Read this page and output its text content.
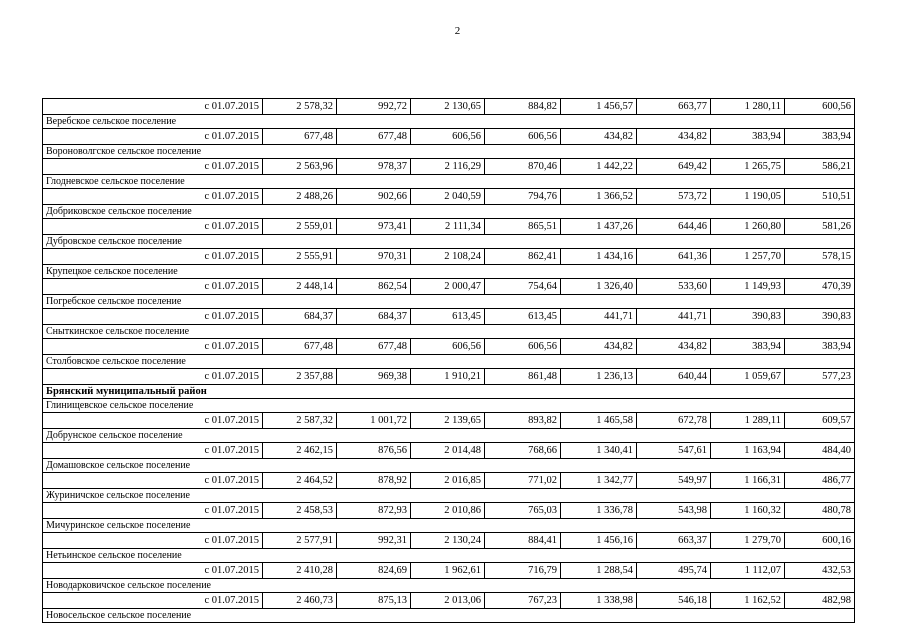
2
с 01.07.2015	2 578,32	992,72	2 130,65	884,82	1 456,57	663,77	1 280,11	600,56
Веребское сельское поселение								
с 01.07.2015	677,48	677,48	606,56	606,56	434,82	434,82	383,94	383,94
Вороноволгское сельское поселение								
с 01.07.2015	2 563,96	978,37	2 116,29	870,46	1 442,22	649,42	1 265,75	586,21
Глодневское сельское поселение								
с 01.07.2015	2 488,26	902,66	2 040,59	794,76	1 366,52	573,72	1 190,05	510,51
Добриковское сельское поселение								
с 01.07.2015	2 559,01	973,41	2 111,34	865,51	1 437,26	644,46	1 260,80	581,26
Дубровское сельское поселение								
с 01.07.2015	2 555,91	970,31	2 108,24	862,41	1 434,16	641,36	1 257,70	578,15
Крупецкое сельское поселение								
с 01.07.2015	2 448,14	862,54	2 000,47	754,64	1 326,40	533,60	1 149,93	470,39
Погребское сельское поселение								
с 01.07.2015	684,37	684,37	613,45	613,45	441,71	441,71	390,83	390,83
Сныткинское сельское поселение								
с 01.07.2015	677,48	677,48	606,56	606,56	434,82	434,82	383,94	383,94
Столбовское сельское поселение								
с 01.07.2015	2 357,88	969,38	1 910,21	861,48	1 236,13	640,44	1 059,67	577,23
Брянский муниципальный район								
Глинищевское сельское поселение								
с 01.07.2015	2 587,32	1 001,72	2 139,65	893,82	1 465,58	672,78	1 289,11	609,57
Добрунское сельское поселение								
с 01.07.2015	2 462,15	876,56	2 014,48	768,66	1 340,41	547,61	1 163,94	484,40
Домашовское сельское поселение								
с 01.07.2015	2 464,52	878,92	2 016,85	771,02	1 342,77	549,97	1 166,31	486,77
Журиничское сельское поселение								
с 01.07.2015	2 458,53	872,93	2 010,86	765,03	1 336,78	543,98	1 160,32	480,78
Мичуринское сельское поселение								
с 01.07.2015	2 577,91	992,31	2 130,24	884,41	1 456,16	663,37	1 279,70	600,16
Нетьинское сельское поселение								
с 01.07.2015	2 410,28	824,69	1 962,61	716,79	1 288,54	495,74	1 112,07	432,53
Новодарковичское сельское поселение								
с 01.07.2015	2 460,73	875,13	2 013,06	767,23	1 338,98	546,18	1 162,52	482,98
Новосельское сельское поселение								
